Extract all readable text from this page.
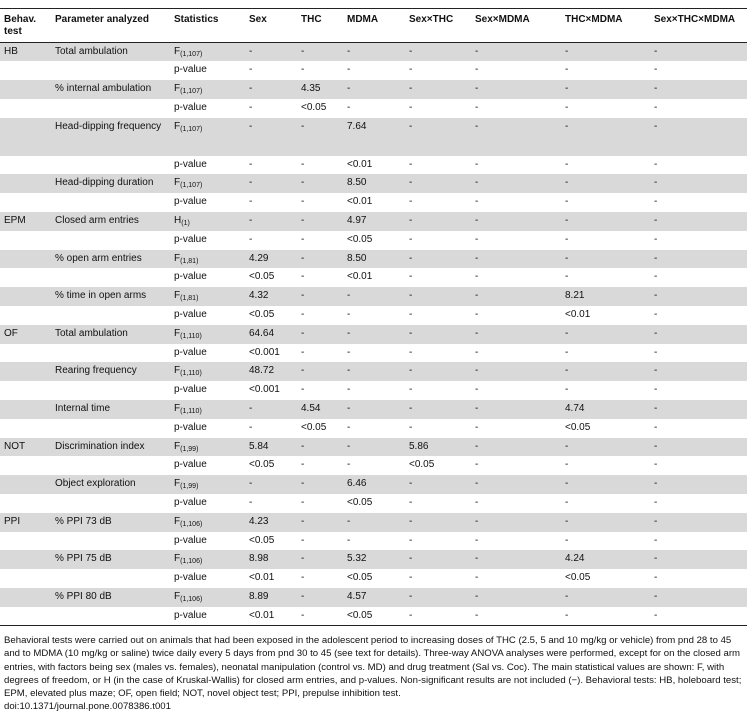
Behav. test	Parameter analyzed	Statistics	Sex	THC	MDMA	Sex×THC	Sex×MDMA	THC×MDMA	Sex×THC×MDMA
HB	Total ambulation	$F_{(1,107)}$	-	-	-	-	-	-	-
		p-value	-	-	-	-	-	-	-
	% internal ambulation	$F_{(1,107)}$	-	4.35	-	-	-	-	-
		p-value	-	<0.05	-	-	-	-	-
	Head-dipping frequency	$F_{(1,107)}$	-	-	7.64	-	-	-	-
		p-value	-	-	<0.01	-	-	-	-
	Head-dipping duration	$F_{(1,107)}$	-	-	8.50	-	-	-	-
		p-value	-	-	<0.01	-	-	-	-
EPM	Closed arm entries	$H_{(1)}$	-	-	4.97	-	-	-	-
		p-value	-	-	<0.05	-	-	-	-
	% open arm entries	$F_{(1,81)}$	4.29	-	8.50	-	-	-	-
		p-value	<0.05	-	<0.01	-	-	-	-
	% time in open arms	$F_{(1,81)}$	4.32	-	-	-	-	8.21	-
		p-value	<0.05	-	-	-	-	<0.01	-
OF	Total ambulation	$F_{(1,110)}$	64.64	-	-	-	-	-	-
		p-value	<0.001	-	-	-	-	-	-
	Rearing frequency	$F_{(1,110)}$	48.72	-	-	-	-	-	-
		p-value	<0.001	-	-	-	-	-	-
	Internal time	$F_{(1,110)}$	-	4.54	-	-	-	4.74	-
		p-value	-	<0.05	-	-	-	<0.05	-
NOT	Discrimination index	$F_{(1,99)}$	5.84	-	-	5.86	-	-	-
		p-value	<0.05	-	-	<0.05	-	-	-
	Object exploration	$F_{(1,99)}$	-	-	6.46	-	-	-	-
		p-value	-	-	<0.05	-	-	-	-
PPI	% PPI 73 dB	$F_{(1,106)}$	4.23	-	-	-	-	-	-
		p-value	<0.05	-	-	-	-	-	-
	% PPI 75 dB	$F_{(1,106)}$	8.98	-	5.32	-	-	4.24	-
		p-value	<0.01	-	<0.05	-	-	<0.05	-
	% PPI 80 dB	$F_{(1,106)}$	8.89	-	4.57	-	-	-	-
		p-value	<0.01	-	<0.05	-	-	-	-

Behavioral tests were carried out on animals that had been exposed in the adolescent period to increasing doses of THC (2.5, 5 and 10 mg/kg or vehicle) from pnd 28 to 45 and to MDMA (10 mg/kg or saline) twice daily every 5 days from pnd 30 to 45 (see text for details). Three-way ANOVA analyses were performed, except for on the closed arm entries, with factors being sex (males vs. females), neonatal manipulation (control vs. MD) and drug treatment (Sal vs. Coc). The main statistical values are shown: F, with degrees of freedom, or H (in the case of Kruskal-Wallis) for closed arm entries, and p-values. Non-significant results are not included (−). Behavioral tests: HB, holeboard test; EPM, elevated plus maze; OF, open field; NOT, novel object test; PPI, prepulse inhibition test.

doi:10.1371/journal.pone.0078386.t001
